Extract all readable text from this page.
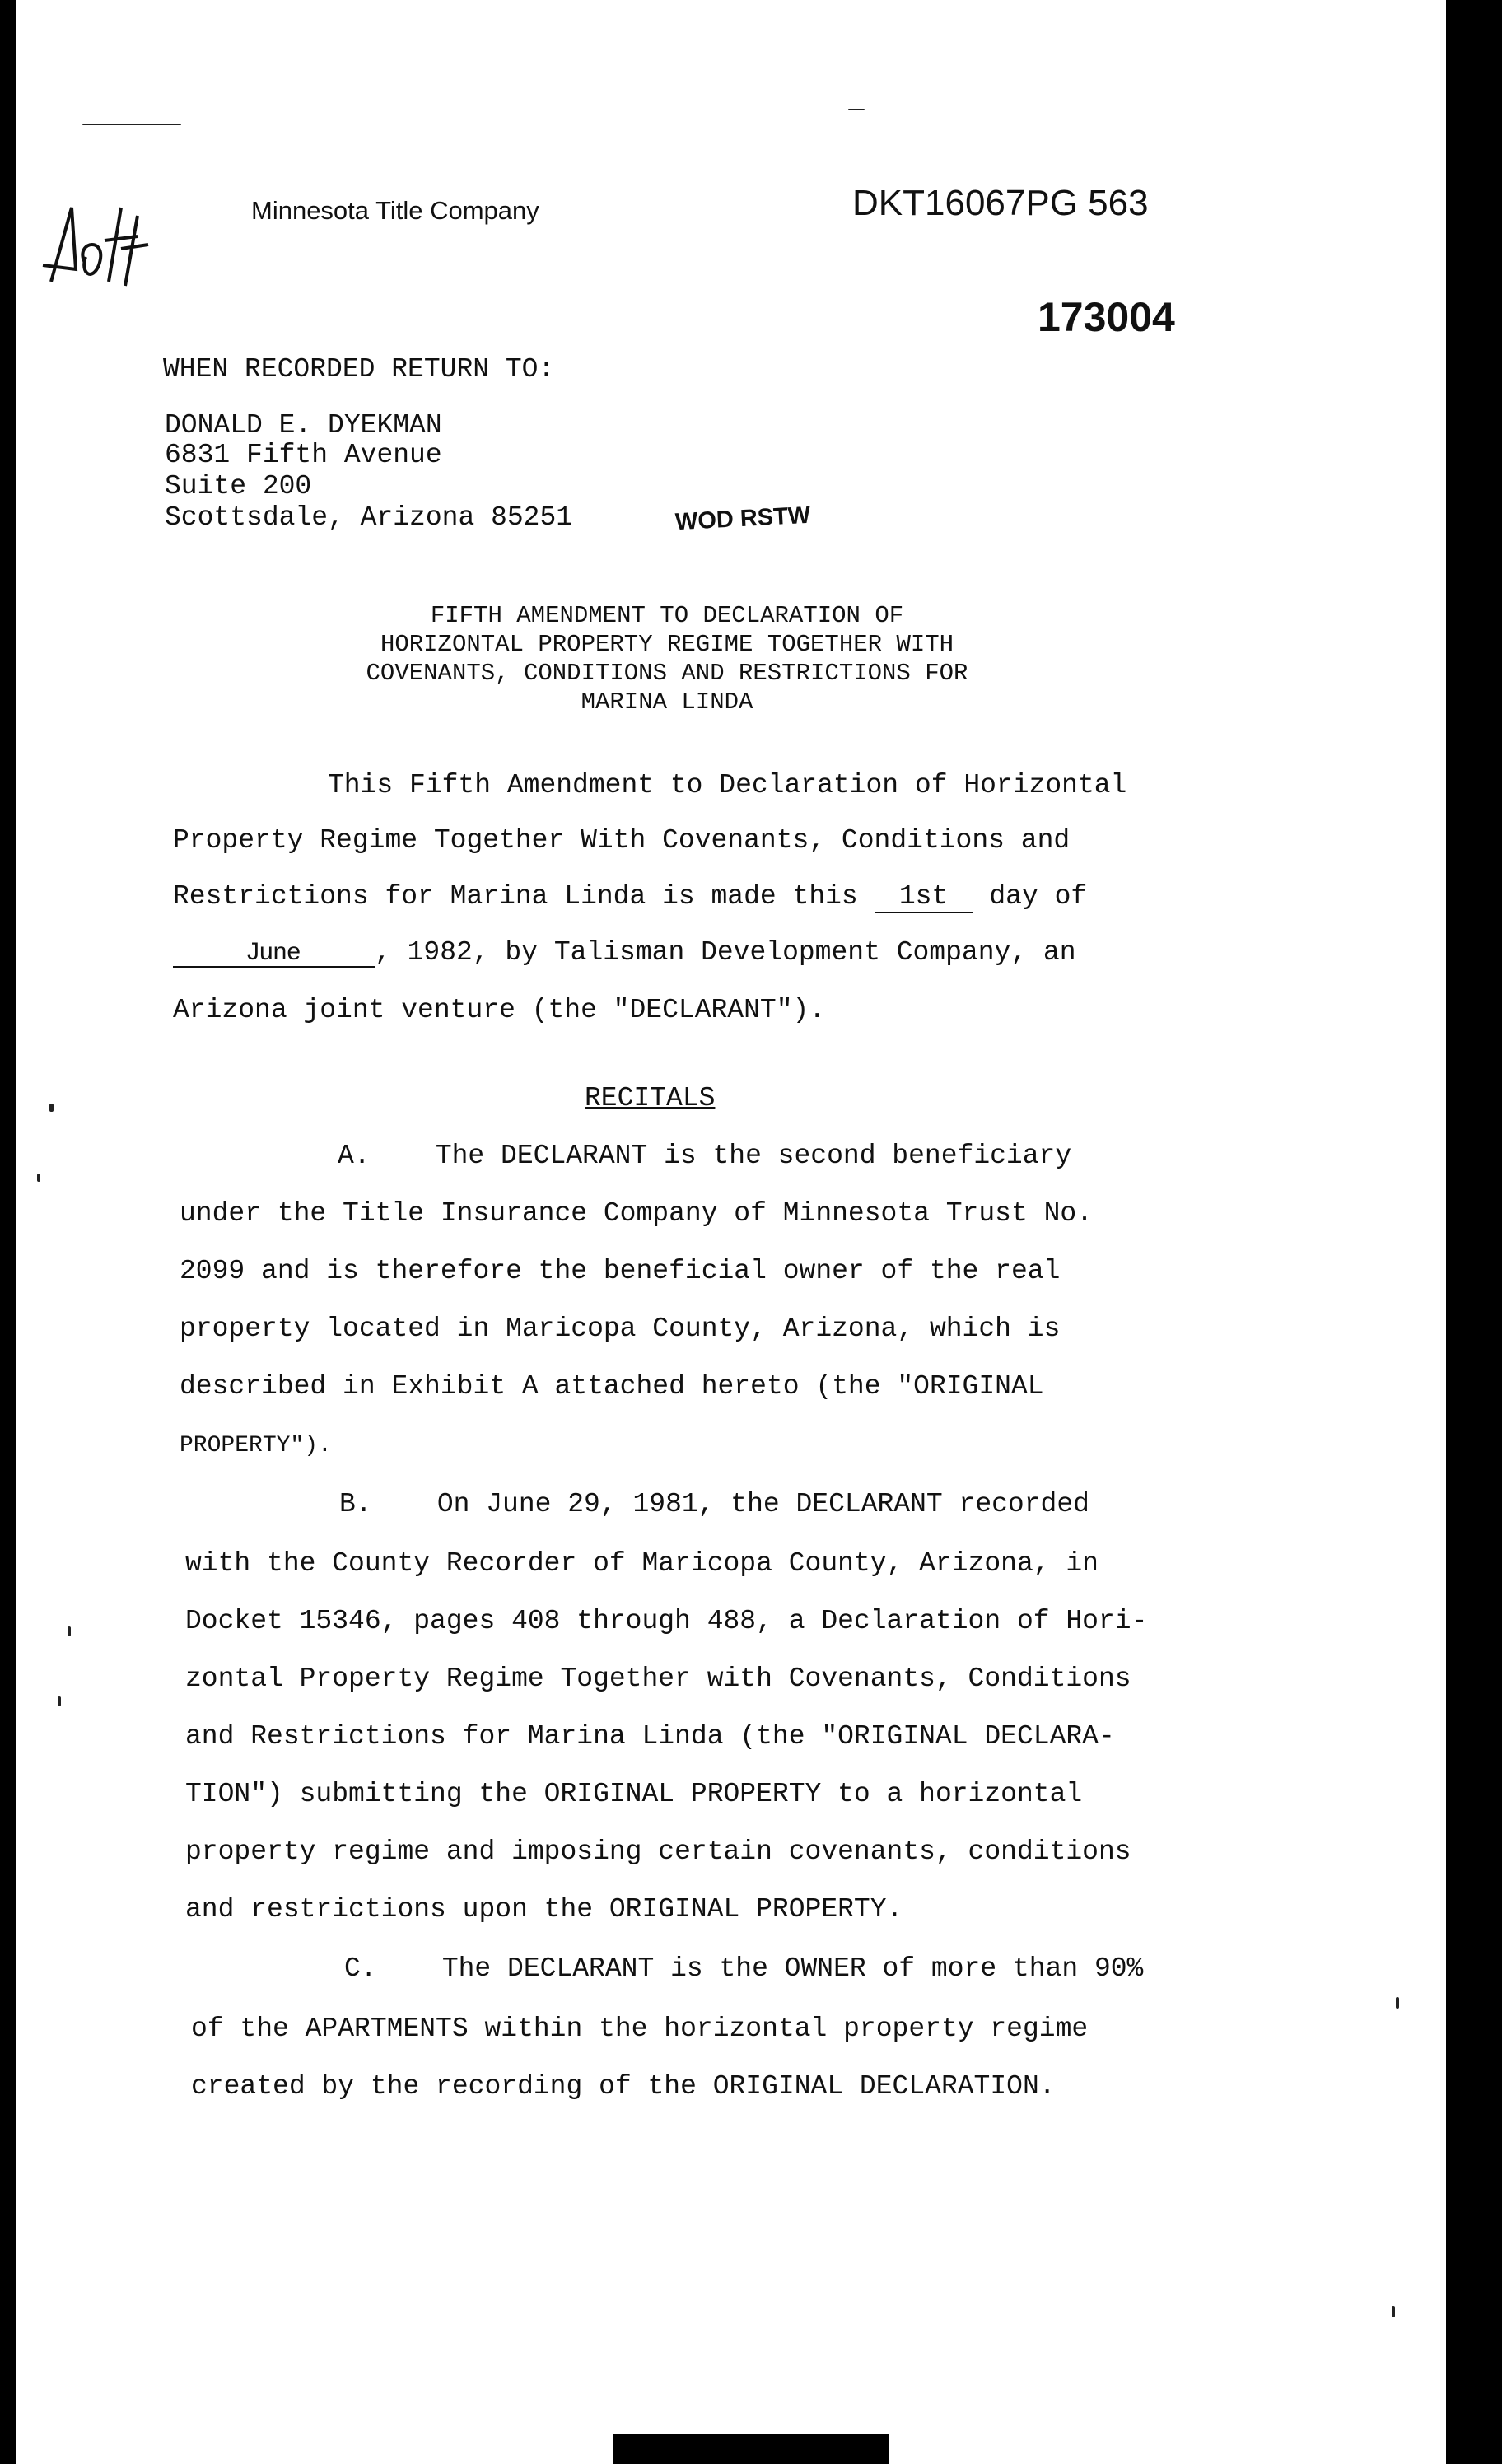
Minnesota Title Company	DKT16067PG 563
173004
WHEN RECORDED RETURN TO:
DONALD E. DYEKMAN
6831 Fifth Avenue
Suite 200
Scottsdale, Arizona 85251	WOD RSTW
FIFTH AMENDMENT TO DECLARATION OF
HORIZONTAL PROPERTY REGIME TOGETHER WITH
COVENANTS, CONDITIONS AND RESTRICTIONS FOR
MARINA LINDA
This Fifth Amendment to Declaration of Horizontal
Property Regime Together With Covenants, Conditions and
Restrictions for Marina Linda is made this 1st day of
June	, 1982, by Talisman Development Company, an
Arizona joint venture (the "DECLARANT").
RECITALS
A.    The DECLARANT is the second beneficiary
under the Title Insurance Company of Minnesota Trust No.
2099 and is therefore the beneficial owner of the real
property located in Maricopa County, Arizona, which is
described in Exhibit A attached hereto (the "ORIGINAL
PROPERTY").
B.    On June 29, 1981, the DECLARANT recorded
with the County Recorder of Maricopa County, Arizona, in
Docket 15346, pages 408 through 488, a Declaration of Hori-
zontal Property Regime Together with Covenants, Conditions
and Restrictions for Marina Linda (the "ORIGINAL DECLARA-
TION") submitting the ORIGINAL PROPERTY to a horizontal
property regime and imposing certain covenants, conditions
and restrictions upon the ORIGINAL PROPERTY.
C.    The DECLARANT is the OWNER of more than 90%
of the APARTMENTS within the horizontal property regime
created by the recording of the ORIGINAL DECLARATION.
